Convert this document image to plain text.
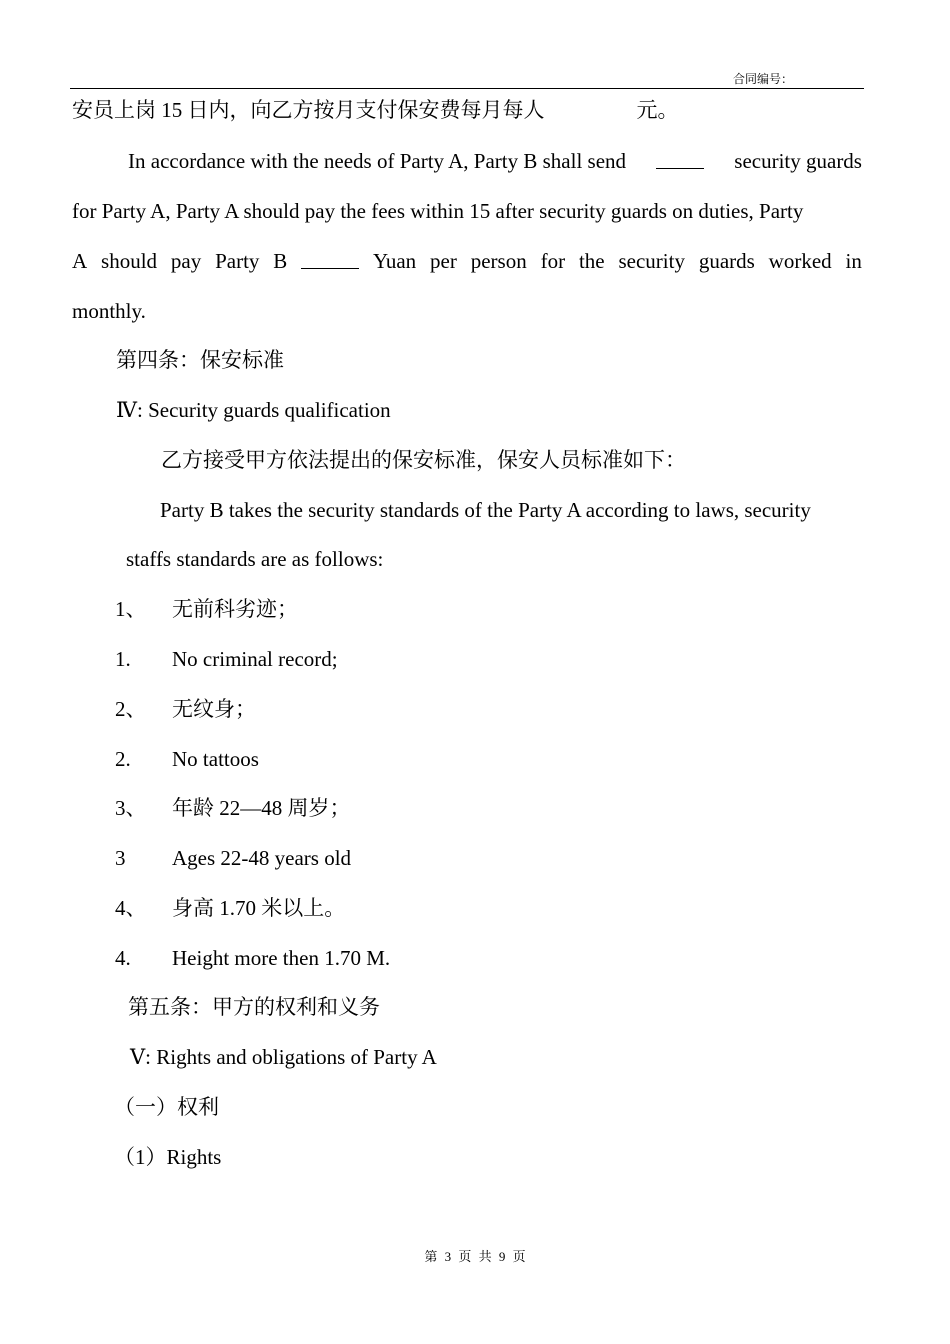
合同编号：
安员上岗 15 日内，向乙方按月支付保安费每月每人	元。
In accordance with the needs of Party A, Party B shall send	security guards
for Party A, Party A should pay the fees within 15 after security guards on duties, Party
A should pay Party B	Yuan per person for the security guards worked in
monthly.
第四条：保安标准
Ⅳ: Security guards qualification
乙方接受甲方依法提出的保安标准，保安人员标准如下：
Party B takes the security standards of the Party A according to laws, security
staffs standards are as follows:
1、 无前科劣迹；
1. No criminal record;
2、 无纹身；
2. No tattoos
3、 年龄 22—48 周岁；
3 Ages 22-48 years old
4、 身高 1.70 米以上。
4. Height more then 1.70 M.
第五条：甲方的权利和义务
Ⅴ: Rights and obligations of Party A
（一）权利
（1）Rights
第 3 页 共 9 页
